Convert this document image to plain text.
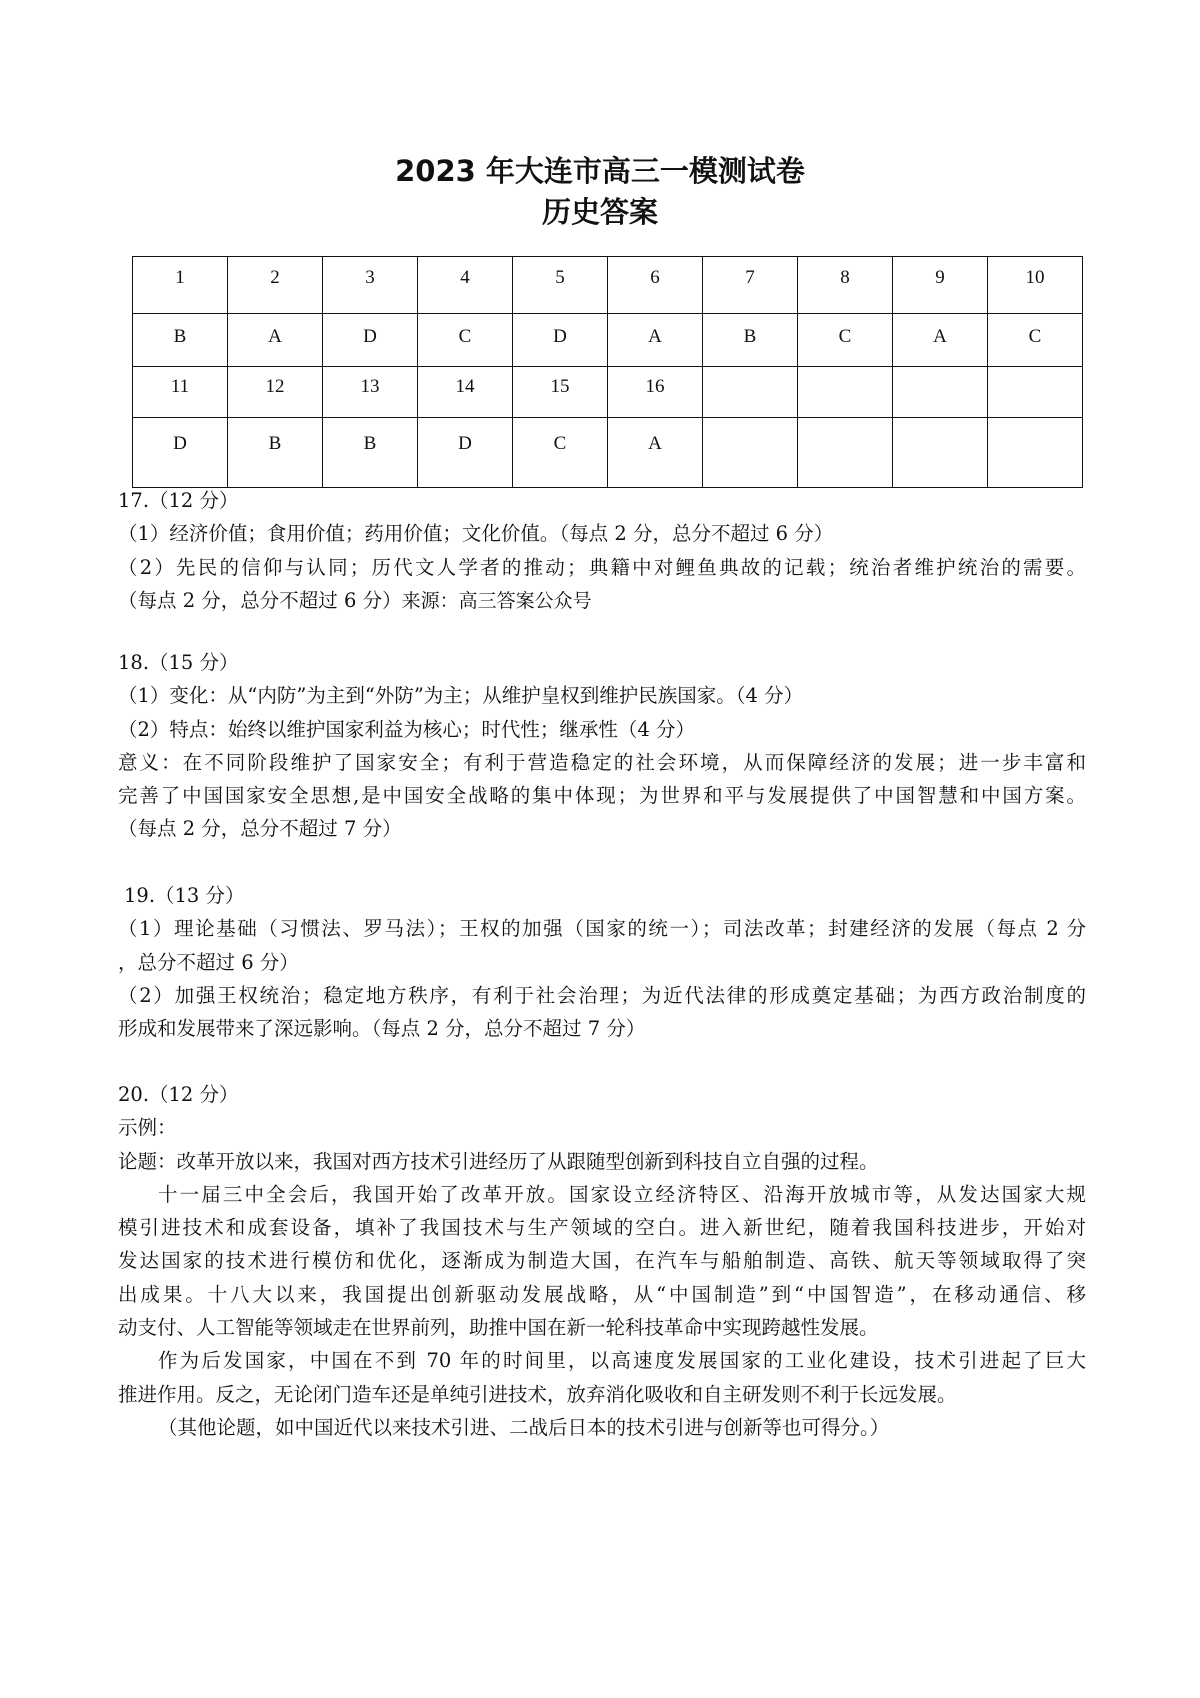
2023 年大连市高三一模测试卷
历史答案
1	2	3	4	5	6	7	8	9	10

B	A	D	C	D	A	B	C	A	C

11	12	13	14	15	16				

D	B	B	D	C	A				

17.（12 分）
（1）经济价值；食用价值；药用价值；文化价值。（每点 2 分，总分不超过 6 分）
（2）先民的信仰与认同；历代文人学者的推动；典籍中对鲤鱼典故的记载；统治者维护统治的需要。
（每点 2 分，总分不超过 6 分）来源：高三答案公众号
18.（15 分）
（1）变化：从“内防”为主到“外防”为主；从维护皇权到维护民族国家。（4 分）
（2）特点：始终以维护国家利益为核心；时代性；继承性（4 分）
意义：在不同阶段维护了国家安全；有利于营造稳定的社会环境，从而保障经济的发展；进一步丰富和
完善了中国国家安全思想,是中国安全战略的集中体现；为世界和平与发展提供了中国智慧和中国方案。
（每点 2 分，总分不超过 7 分）
19.（13 分）
（1）理论基础（习惯法、罗马法）；王权的加强（国家的统一）；司法改革；封建经济的发展（每点 2 分
，总分不超过 6 分）
（2）加强王权统治；稳定地方秩序，有利于社会治理；为近代法律的形成奠定基础；为西方政治制度的
形成和发展带来了深远影响。（每点 2 分，总分不超过 7 分）
20.（12 分）
示例：
论题：改革开放以来，我国对西方技术引进经历了从跟随型创新到科技自立自强的过程。
十一届三中全会后，我国开始了改革开放。国家设立经济特区、沿海开放城市等，从发达国家大规
模引进技术和成套设备，填补了我国技术与生产领域的空白。进入新世纪，随着我国科技进步，开始对
发达国家的技术进行模仿和优化，逐渐成为制造大国，在汽车与船舶制造、高铁、航天等领域取得了突
出成果。十八大以来，我国提出创新驱动发展战略，从“中国制造”到“中国智造”，在移动通信、移
动支付、人工智能等领域走在世界前列，助推中国在新一轮科技革命中实现跨越性发展。
作为后发国家，中国在不到 70 年的时间里，以高速度发展国家的工业化建设，技术引进起了巨大
推进作用。反之，无论闭门造车还是单纯引进技术，放弃消化吸收和自主研发则不利于长远发展。
（其他论题，如中国近代以来技术引进、二战后日本的技术引进与创新等也可得分。）
